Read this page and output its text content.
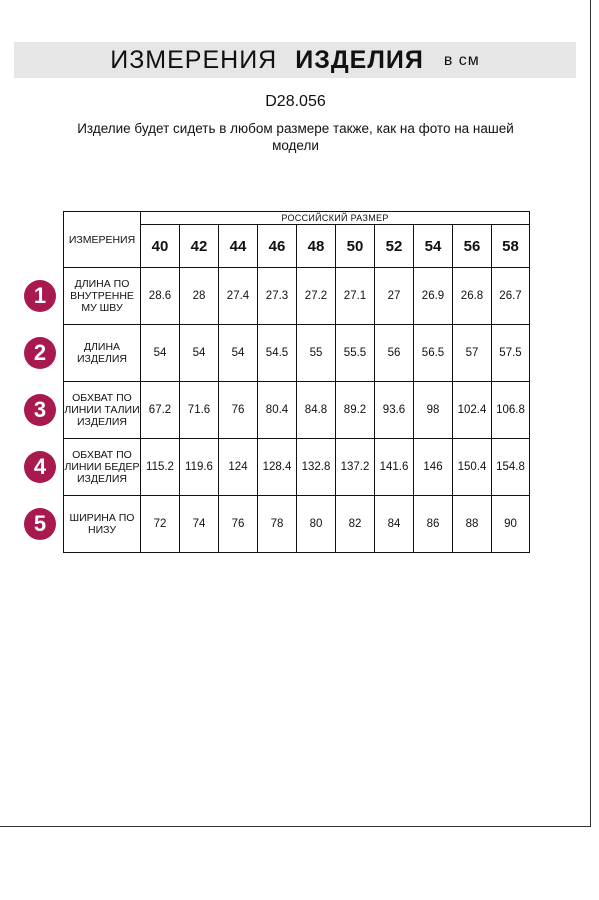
ИЗМЕРЕНИЯ ИЗДЕЛИЯ в см
D28.056
Изделие будет сидеть в любом размере также, как на фото на нашей модели
1
2
3
4
5
ИЗМЕРЕНИЯ	РОССИЙСКИЙ РАЗМЕР									
	40	42	44	46	48	50	52	54	56	58
ДЛИНА ПО ВНУТРЕННЕ МУ ШВУ	28.6	28	27.4	27.3	27.2	27.1	27	26.9	26.8	26.7
ДЛИНА ИЗДЕЛИЯ	54	54	54	54.5	55	55.5	56	56.5	57	57.5
ОБХВАТ ПО ЛИНИИ ТАЛИИ ИЗДЕЛИЯ	67.2	71.6	76	80.4	84.8	89.2	93.6	98	102.4	106.8
ОБХВАТ ПО ЛИНИИ БЕДЕР ИЗДЕЛИЯ	115.2	119.6	124	128.4	132.8	137.2	141.6	146	150.4	154.8
ШИРИНА ПО НИЗУ	72	74	76	78	80	82	84	86	88	90
